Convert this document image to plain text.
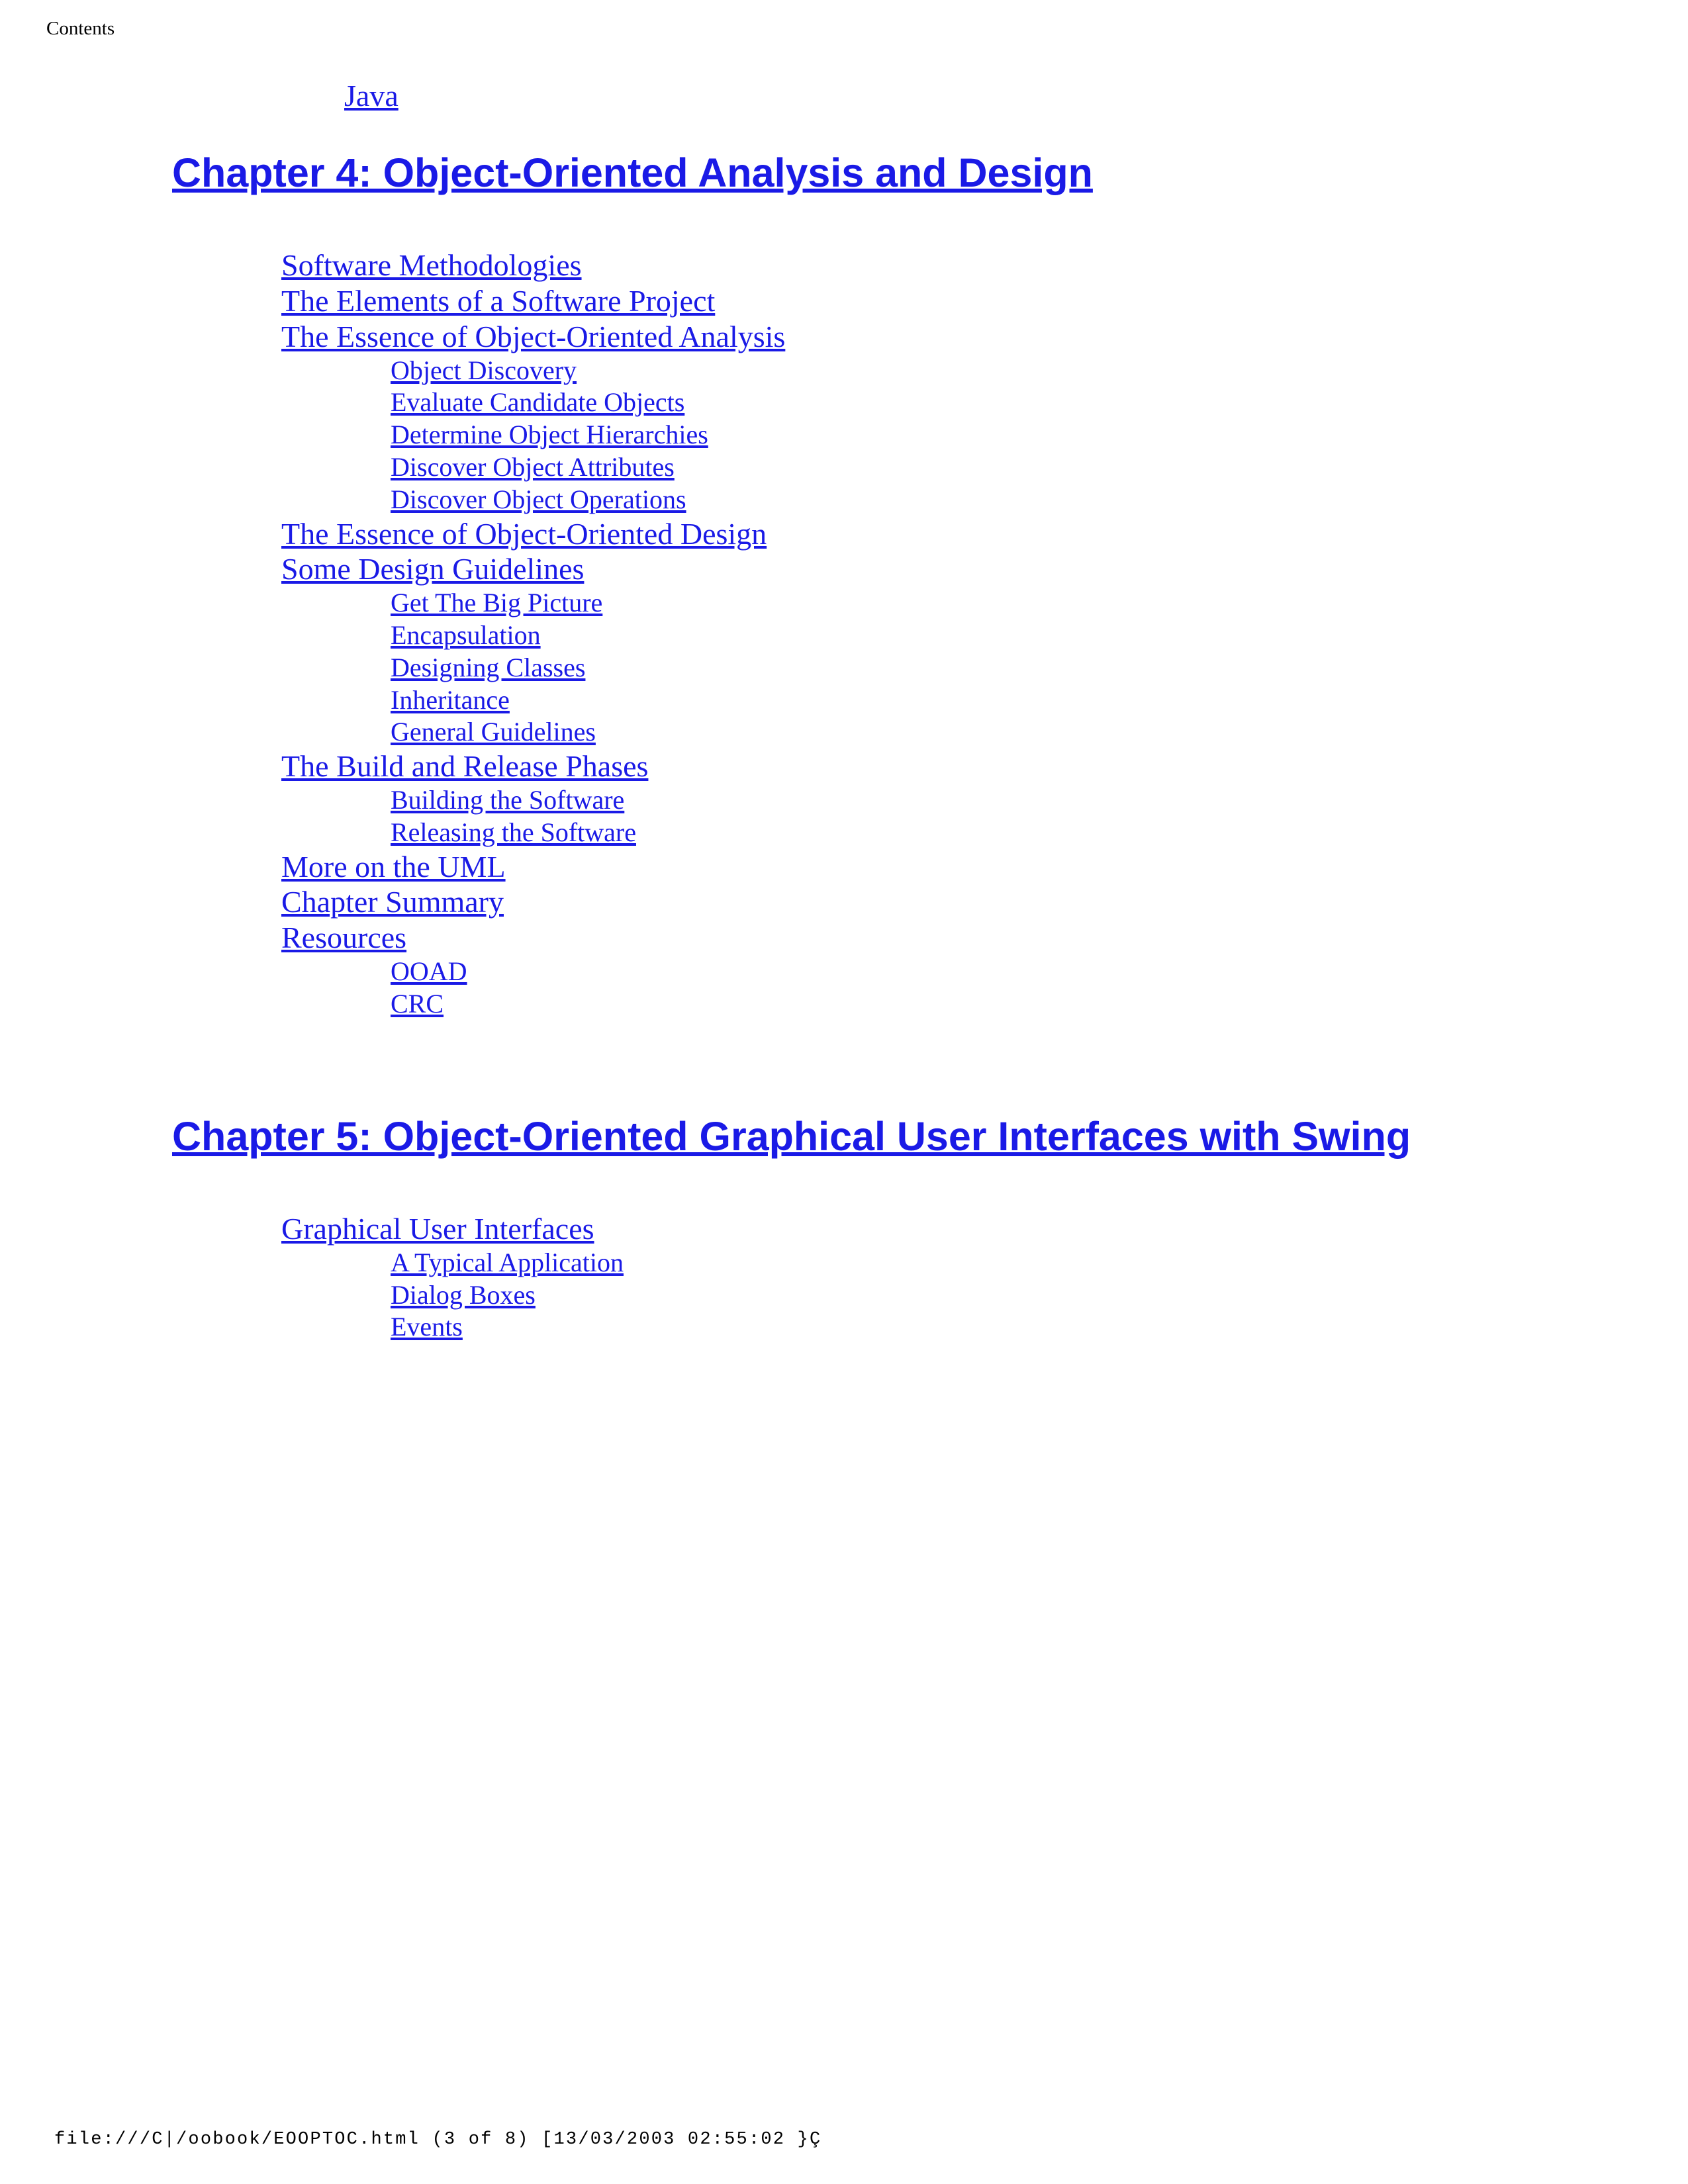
Contents
Java
Chapter 4: Object-Oriented Analysis and Design
Software Methodologies
The Elements of a Software Project
The Essence of Object-Oriented Analysis
Object Discovery
Evaluate Candidate Objects
Determine Object Hierarchies
Discover Object Attributes
Discover Object Operations
The Essence of Object-Oriented Design
Some Design Guidelines
Get The Big Picture
Encapsulation
Designing Classes
Inheritance
General Guidelines
The Build and Release Phases
Building the Software
Releasing the Software
More on the UML
Chapter Summary
Resources
OOAD
CRC
Chapter 5: Object-Oriented Graphical User Interfaces with Swing
Graphical User Interfaces
A Typical Application
Dialog Boxes
Events
file:///C|/oobook/EOOPTOC.html (3 of 8) [13/03/2003 02:55:02 }Ç
